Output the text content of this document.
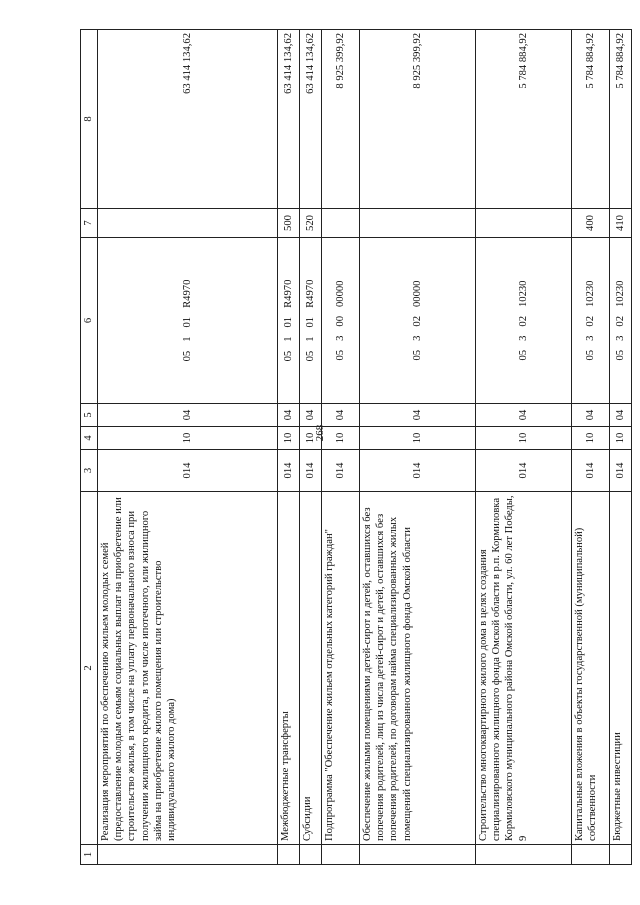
268
1	2	3	4	5	6	7	8
	Реализация мероприятий по обеспечению жильем молодых семей (предоставление молодым семьям социальных выплат на приобретение или строительство жилья, в том числе на уплату первоначального взноса при получении жилищного кредита, в том числе ипотечного, или жилищного займа на приобретение жилого помещения или строительство индивидуального жилого дома)	014	10	04	05101R4970		63 414 134,62
	Межбюджетные трансферты	014	10	04	05101R4970	500	63 414 134,62
	Субсидии	014	10	04	05101R4970	520	63 414 134,62
	Подпрограмма "Обеспечение жильем отдельных категорий граждан"	014	10	04	0530000000		8 925 399,92
	Обеспечение жилыми помещениями детей-сирот и детей, оставшихся без попечения родителей, лиц из числа детей-сирот и детей, оставшихся без попечения родителей, по договорам найма специализированных жилых помещений специализированного жилищного фонда Омской области	014	10	04	0530200000		8 925 399,92
	Строительство многоквартирного жилого дома в целях создания специализированного жилищного фонда Омской области в р.п. Кормиловка Кормиловского муниципального района Омской области, ул. 60 лет Победы, 9	014	10	04	0530210230		5 784 884,92
	Капитальные вложения в объекты государственной (муниципальной) собственности	014	10	04	0530210230	400	5 784 884,92
	Бюджетные инвестиции	014	10	04	0530210230	410	5 784 884,92
